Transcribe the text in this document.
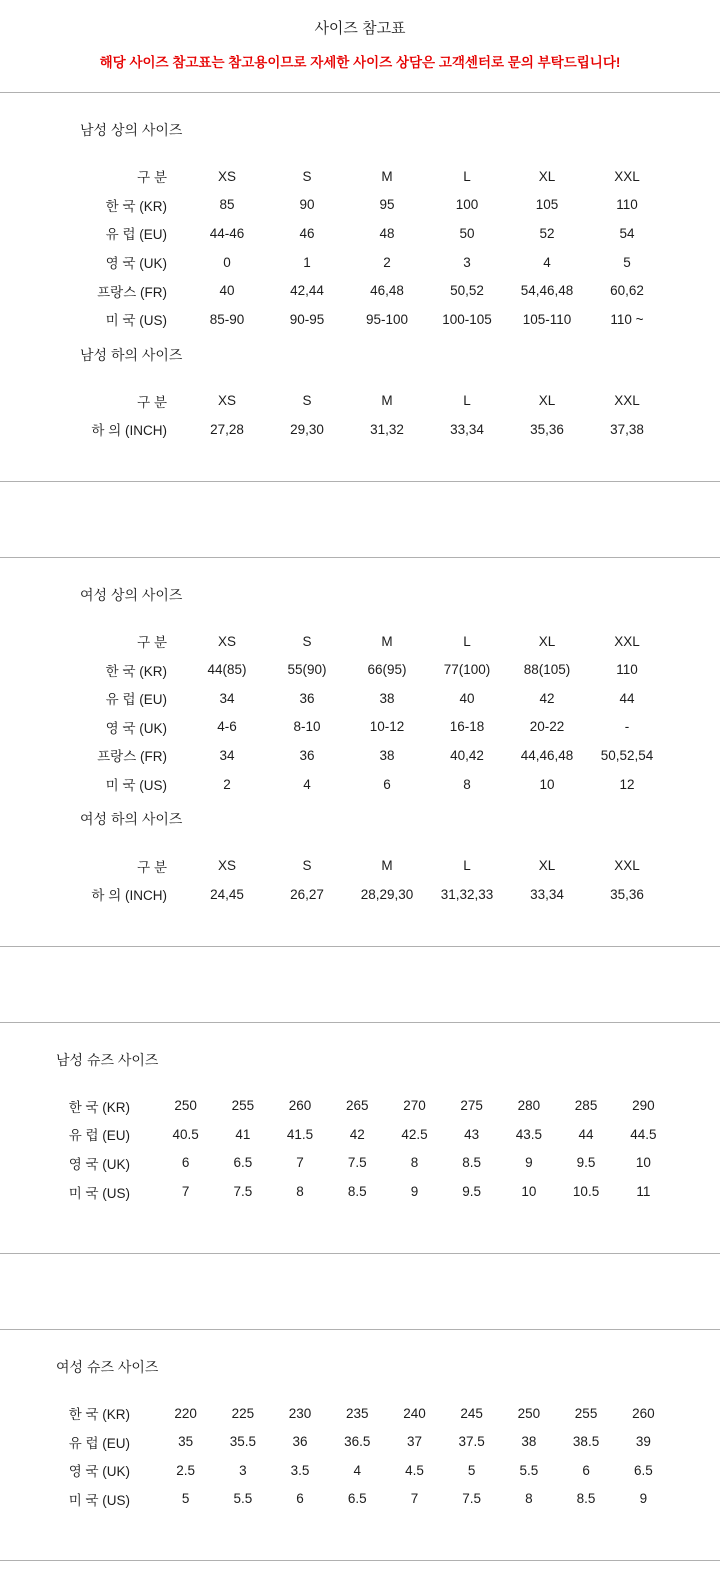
사이즈 참고표

해당 사이즈 참고표는 참고용이므로 자세한 사이즈 상담은 고객센터로 문의 부탁드립니다!

남성 상의 사이즈
구 분	XS	S	M	L	XL	XXL
한 국 (KR)	85	90	95	100	105	110
유 럽 (EU)	44-46	46	48	50	52	54
영 국 (UK)	0	1	2	3	4	5
프랑스 (FR)	40	42,44	46,48	50,52	54,46,48	60,62
미 국 (US)	85-90	90-95	95-100	100-105	105-110	110 ~
남성 하의 사이즈
구 분	XS	S	M	L	XL	XXL
하 의 (INCH)	27,28	29,30	31,32	33,34	35,36	37,38
여성 상의 사이즈
구 분	XS	S	M	L	XL	XXL
한 국 (KR)	44(85)	55(90)	66(95)	77(100)	88(105)	110
유 럽 (EU)	34	36	38	40	42	44
영 국 (UK)	4-6	8-10	10-12	16-18	20-22	-
프랑스 (FR)	34	36	38	40,42	44,46,48	50,52,54
미 국 (US)	2	4	6	8	10	12
여성 하의 사이즈
구 분	XS	S	M	L	XL	XXL
하 의 (INCH)	24,45	26,27	28,29,30	31,32,33	33,34	35,36
남성 슈즈 사이즈
한 국 (KR)	250	255	260	265	270	275	280	285	290
유 럽 (EU)	40.5	41	41.5	42	42.5	43	43.5	44	44.5
영 국 (UK)	6	6.5	7	7.5	8	8.5	9	9.5	10
미 국 (US)	7	7.5	8	8.5	9	9.5	10	10.5	11
여성 슈즈 사이즈
한 국 (KR)	220	225	230	235	240	245	250	255	260
유 럽 (EU)	35	35.5	36	36.5	37	37.5	38	38.5	39
영 국 (UK)	2.5	3	3.5	4	4.5	5	5.5	6	6.5
미 국 (US)	5	5.5	6	6.5	7	7.5	8	8.5	9
